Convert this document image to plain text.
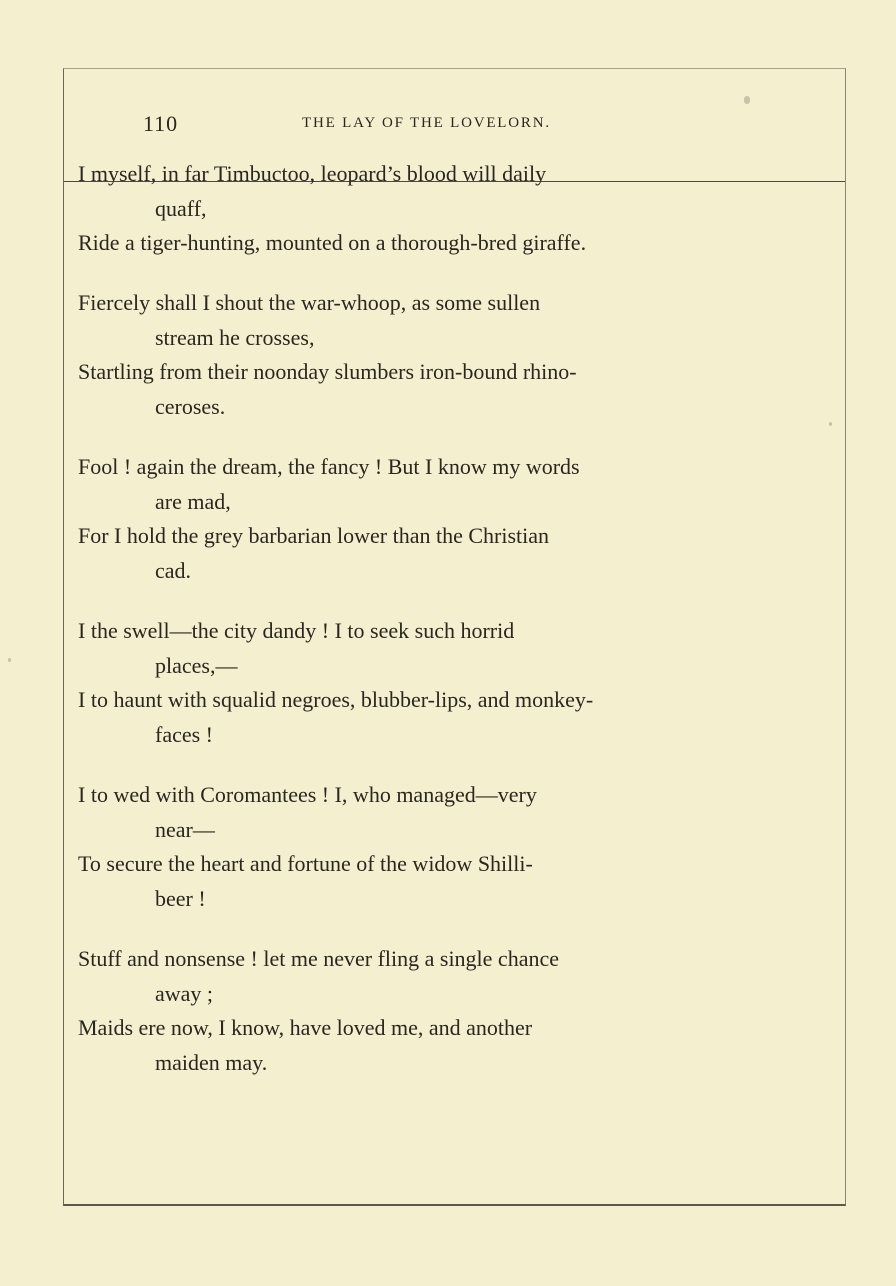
110	THE LAY OF THE LOVELORN.
I myself, in far Timbuctoo, leopard’s blood will daily
quaff,
Ride a tiger-hunting, mounted on a thorough-bred giraffe.
Fiercely shall I shout the war-whoop, as some sullen
stream he crosses,
Startling from their noonday slumbers iron-bound rhino-
ceroses.
Fool ! again the dream, the fancy ! But I know my words
are mad,
For I hold the grey barbarian lower than the Christian
cad.
I the swell—the city dandy ! I to seek such horrid
places,—
I to haunt with squalid negroes, blubber-lips, and monkey-
faces !
I to wed with Coromantees ! I, who managed—very
near—
To secure the heart and fortune of the widow Shilli-
beer !
Stuff and nonsense ! let me never fling a single chance
away ;
Maids ere now, I know, have loved me, and another
maiden may.
